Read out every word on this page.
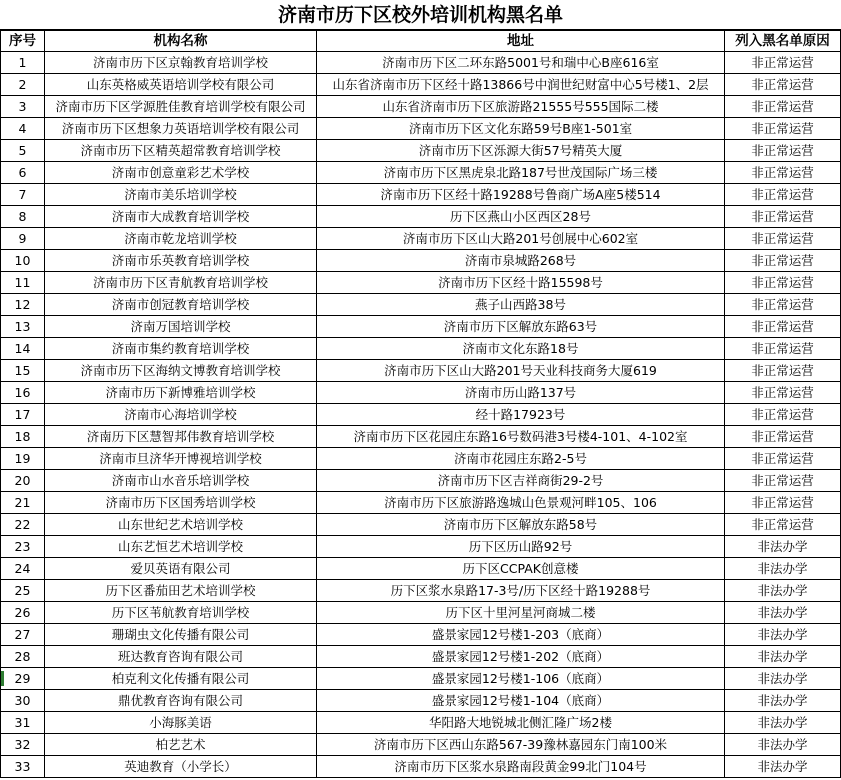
济南市历下区校外培训机构黑名单
序号	机构名称	地址	列入黑名单原因
1	济南市历下区京翰教育培训学校	济南市历下区二环东路5001号和瑞中心B座616室	非正常运营
2	山东英格威英语培训学校有限公司	山东省济南市历下区经十路13866号中润世纪财富中心5号楼1、2层	非正常运营
3	济南市历下区学源胜佳教育培训学校有限公司	山东省济南市历下区旅游路21555号555国际二楼	非正常运营
4	济南市历下区想象力英语培训学校有限公司	济南市历下区文化东路59号B座1-501室	非正常运营
5	济南市历下区精英超常教育培训学校	济南市历下区泺源大街57号精英大厦	非正常运营
6	济南市创意童彩艺术学校	济南市历下区黑虎泉北路187号世茂国际广场三楼	非正常运营
7	济南市美乐培训学校	济南市历下区经十路19288号鲁商广场A座5楼514	非正常运营
8	济南市大成教育培训学校	历下区燕山小区西区28号	非正常运营
9	济南市乾龙培训学校	济南市历下区山大路201号创展中心602室	非正常运营
10	济南市乐英教育培训学校	济南市泉城路268号	非正常运营
11	济南市历下区青航教育培训学校	济南市历下区经十路15598号	非正常运营
12	济南市创冠教育培训学校	燕子山西路38号	非正常运营
13	济南万国培训学校	济南市历下区解放东路63号	非正常运营
14	济南市集约教育培训学校	济南市文化东路18号	非正常运营
15	济南市历下区海纳文博教育培训学校	济南市历下区山大路201号天业科技商务大厦619	非正常运营
16	济南市历下新博雅培训学校	济南市历山路137号	非正常运营
17	济南市心海培训学校	经十路17923号	非正常运营
18	济南历下区慧智邦伟教育培训学校	济南市历下区花园庄东路16号数码港3号楼4-101、4-102室	非正常运营
19	济南市旦济华开博视培训学校	济南市花园庄东路2-5号	非正常运营
20	济南市山水音乐培训学校	济南市历下区吉祥商街29-2号	非正常运营
21	济南市历下区国秀培训学校	济南市历下区旅游路逸城山色景观河畔105、106	非正常运营
22	山东世纪艺术培训学校	济南市历下区解放东路58号	非正常运营
23	山东艺恒艺术培训学校	历下区历山路92号	非法办学
24	爱贝英语有限公司	历下区CCPAK创意楼	非法办学
25	历下区番茄田艺术培训学校	历下区浆水泉路17-3号/历下区经十路19288号	非法办学
26	历下区苇航教育培训学校	历下区十里河星河商城二楼	非法办学
27	珊瑚虫文化传播有限公司	盛景家园12号楼1-203（底商）	非法办学
28	班达教育咨询有限公司	盛景家园12号楼1-202（底商）	非法办学
29	柏克利文化传播有限公司	盛景家园12号楼1-106（底商）	非法办学
30	鼎优教育咨询有限公司	盛景家园12号楼1-104（底商）	非法办学
31	小海豚美语	华阳路大地锐城北侧汇隆广场2楼	非法办学
32	柏艺艺术	济南市历下区西山东路567-39豫林嘉园东门南100米	非法办学
33	英迪教育（小学长）	济南市历下区浆水泉路南段黄金99北门104号	非法办学
